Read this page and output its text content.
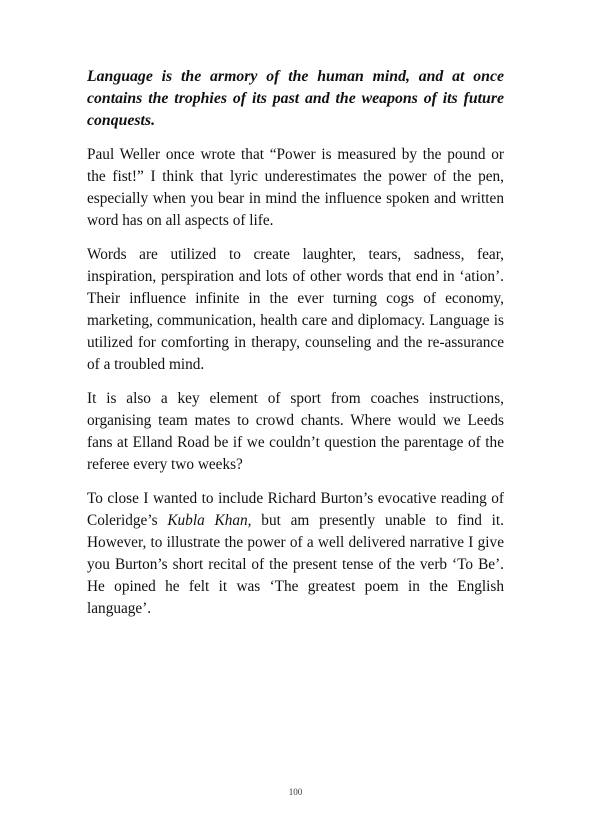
Language is the armory of the human mind, and at once contains the trophies of its past and the weapons of its future conquests.

Paul Weller once wrote that “Power is measured by the pound or the fist!” I think that lyric underestimates the power of the pen, especially when you bear in mind the influence spoken and written word has on all aspects of life.

Words are utilized to create laughter, tears, sadness, fear, inspiration, perspiration and lots of other words that end in ‘ation’. Their influence infinite in the ever turning cogs of economy, marketing, communication, health care and diplomacy. Language is utilized for comforting in therapy, counseling and the re-assurance of a troubled mind.

It is also a key element of sport from coaches instructions, organising team mates to crowd chants. Where would we Leeds fans at Elland Road be if we couldn’t question the parentage of the referee every two weeks?

To close I wanted to include Richard Burton’s evocative reading of Coleridge’s Kubla Khan, but am presently unable to find it. However, to illustrate the power of a well delivered narrative I give you Burton’s short recital of the present tense of the verb ‘To Be’. He opined he felt it was ‘The greatest poem in the English language’.

100
